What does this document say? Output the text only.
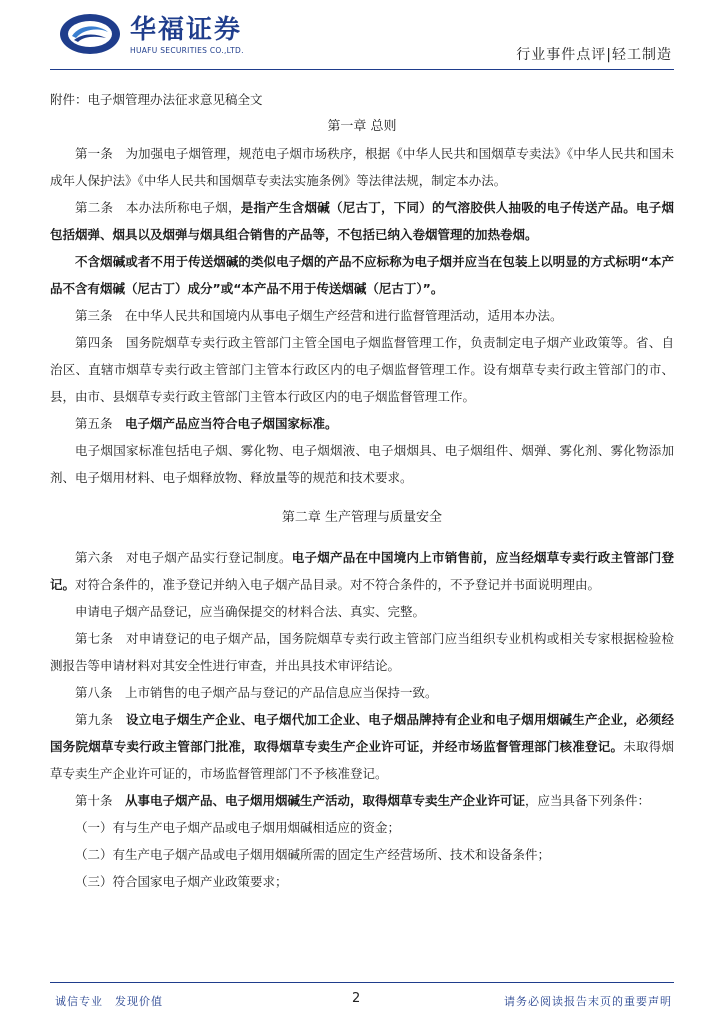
华福证券
HUAFU SECURITIES CO.,LTD.	行业事件点评|轻工制造

附件：电子烟管理办法征求意见稿全文

第一章 总则

第一条　为加强电子烟管理，规范电子烟市场秩序，根据《中华人民共和国烟草专卖法》《中华人民共和国未成年人保护法》《中华人民共和国烟草专卖法实施条例》等法律法规，制定本办法。

第二条　本办法所称电子烟，是指产生含烟碱（尼古丁，下同）的气溶胶供人抽吸的电子传送产品。电子烟包括烟弹、烟具以及烟弹与烟具组合销售的产品等，不包括已纳入卷烟管理的加热卷烟。

不含烟碱或者不用于传送烟碱的类似电子烟的产品不应标称为电子烟并应当在包装上以明显的方式标明“本产品不含有烟碱（尼古丁）成分”或“本产品不用于传送烟碱（尼古丁）”。

第三条　在中华人民共和国境内从事电子烟生产经营和进行监督管理活动，适用本办法。

第四条　国务院烟草专卖行政主管部门主管全国电子烟监督管理工作，负责制定电子烟产业政策等。省、自治区、直辖市烟草专卖行政主管部门主管本行政区内的电子烟监督管理工作。设有烟草专卖行政主管部门的市、县，由市、县烟草专卖行政主管部门主管本行政区内的电子烟监督管理工作。

第五条　电子烟产品应当符合电子烟国家标准。

电子烟国家标准包括电子烟、雾化物、电子烟烟液、电子烟烟具、电子烟组件、烟弹、雾化剂、雾化物添加剂、电子烟用材料、电子烟释放物、释放量等的规范和技术要求。

第二章 生产管理与质量安全

第六条　对电子烟产品实行登记制度。电子烟产品在中国境内上市销售前，应当经烟草专卖行政主管部门登记。对符合条件的，准予登记并纳入电子烟产品目录。对不符合条件的，不予登记并书面说明理由。

申请电子烟产品登记，应当确保提交的材料合法、真实、完整。

第七条　对申请登记的电子烟产品，国务院烟草专卖行政主管部门应当组织专业机构或相关专家根据检验检测报告等申请材料对其安全性进行审查，并出具技术审评结论。

第八条　上市销售的电子烟产品与登记的产品信息应当保持一致。

第九条　设立电子烟生产企业、电子烟代加工企业、电子烟品牌持有企业和电子烟用烟碱生产企业，必须经国务院烟草专卖行政主管部门批准，取得烟草专卖生产企业许可证，并经市场监督管理部门核准登记。未取得烟草专卖生产企业许可证的，市场监督管理部门不予核准登记。

第十条　从事电子烟产品、电子烟用烟碱生产活动，取得烟草专卖生产企业许可证，应当具备下列条件：

（一）有与生产电子烟产品或电子烟用烟碱相适应的资金；

（二）有生产电子烟产品或电子烟用烟碱所需的固定生产经营场所、技术和设备条件；

（三）符合国家电子烟产业政策要求；

诚信专业　发现价值	2	请务必阅读报告末页的重要声明
